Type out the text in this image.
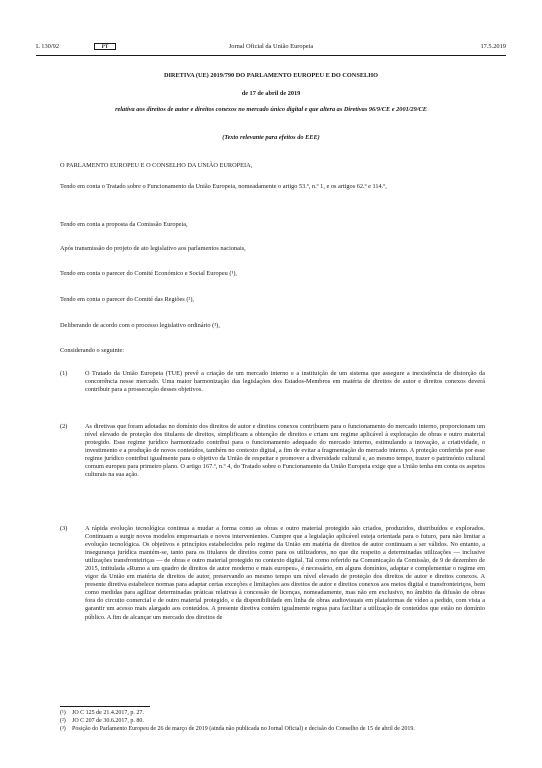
L 130/92	PT	Jornal Oficial da União Europeia	17.5.2019
DIRETIVA (UE) 2019/790 DO PARLAMENTO EUROPEU E DO CONSELHO
de 17 de abril de 2019
relativa aos direitos de autor e direitos conexos no mercado único digital e que altera as Diretivas 96/9/CE e 2001/29/CE
(Texto relevante para efeitos do EEE)
O PARLAMENTO EUROPEU E O CONSELHO DA UNIÃO EUROPEIA,
Tendo em conta o Tratado sobre o Funcionamento da União Europeia, nomeadamente o artigo 53.º, n.º 1, e os artigos 62.º e 114.º,
Tendo em conta a proposta da Comissão Europeia,
Após transmissão do projeto de ato legislativo aos parlamentos nacionais,
Tendo em conta o parecer do Comité Económico e Social Europeu (¹),
Tendo em conta o parecer do Comité das Regiões (²),
Deliberando de acordo com o processo legislativo ordinário (³),
Considerando o seguinte:
(1)	O Tratado da União Europeia (TUE) prevê a criação de um mercado interno e a instituição de um sistema que assegure a inexistência de distorção da concorrência nesse mercado. Uma maior harmonização das legislações dos Estados-Membros em matéria de direitos de autor e direitos conexos deverá contribuir para a prossecução desses objetivos.
(2)	As diretivas que foram adotadas no domínio dos direitos de autor e direitos conexos contribuem para o funcionamento do mercado interno, proporcionam um nível elevado de proteção dos titulares de direitos, simplificam a obtenção de direitos e criam um regime aplicável à exploração de obras e outro material protegido. Esse regime jurídico harmonizado contribui para o funcionamento adequado do mercado interno, estimulando a inovação, a criatividade, o investimento e a produção de novos conteúdos, também no contexto digital, a fim de evitar a fragmentação do mercado interno. A proteção conferida por esse regime jurídico contribui igualmente para o objetivo da União de respeitar e promover a diversidade cultural e, ao mesmo tempo, trazer o património cultural comum europeu para primeiro plano. O artigo 167.º, n.º 4, do Tratado sobre o Funcionamento da União Europeia exige que a União tenha em conta os aspetos culturais na sua ação.
(3)	A rápida evolução tecnológica continua a mudar a forma como as obras e outro material protegido são criados, produzidos, distribuídos e explorados. Continuam a surgir novos modelos empresariais e novos intervenientes. Cumpre que a legislação aplicável esteja orientada para o futuro, para não limitar a evolução tecnológica. Os objetivos e princípios estabelecidos pelo regime da União em matéria de direitos de autor continuam a ser válidos. No entanto, a insegurança jurídica mantém-se, tanto para os titulares de direitos como para os utilizadores, no que diz respeito a determinadas utilizações — inclusive utilizações transfronteiriças — de obras e outro material protegido no contexto digital. Tal como referido na Comunicação da Comissão, de 9 de dezembro de 2015, intitulada «Rumo a um quadro de direitos de autor moderno e mais europeu», é necessário, em alguns domínios, adaptar e complementar o regime em vigor da União em matéria de direitos de autor, preservando ao mesmo tempo um nível elevado de proteção dos direitos de autor e direitos conexos. A presente diretiva estabelece normas para adaptar certas exceções e limitações aos direitos de autor e direitos conexos aos meios digital e transfronteiriços, bem como medidas para agilizar determinadas práticas relativas à concessão de licenças, nomeadamente, mas não em exclusivo, no âmbito da difusão de obras fora do circuito comercial e de outro material protegido, e da disponibilidade em linha de obras audiovisuais em plataformas de vídeo a pedido, com vista a garantir um acesso mais alargado aos conteúdos. A presente diretiva contém igualmente regras para facilitar a utilização de conteúdos que estão no domínio público. A fim de alcançar um mercado dos direitos de
(¹) JO C 125 de 21.4.2017, p. 27.
(²) JO C 207 de 30.6.2017, p. 80.
(³) Posição do Parlamento Europeu de 26 de março de 2019 (ainda não publicada no Jornal Oficial) e decisão do Conselho de 15 de abril de 2019.
